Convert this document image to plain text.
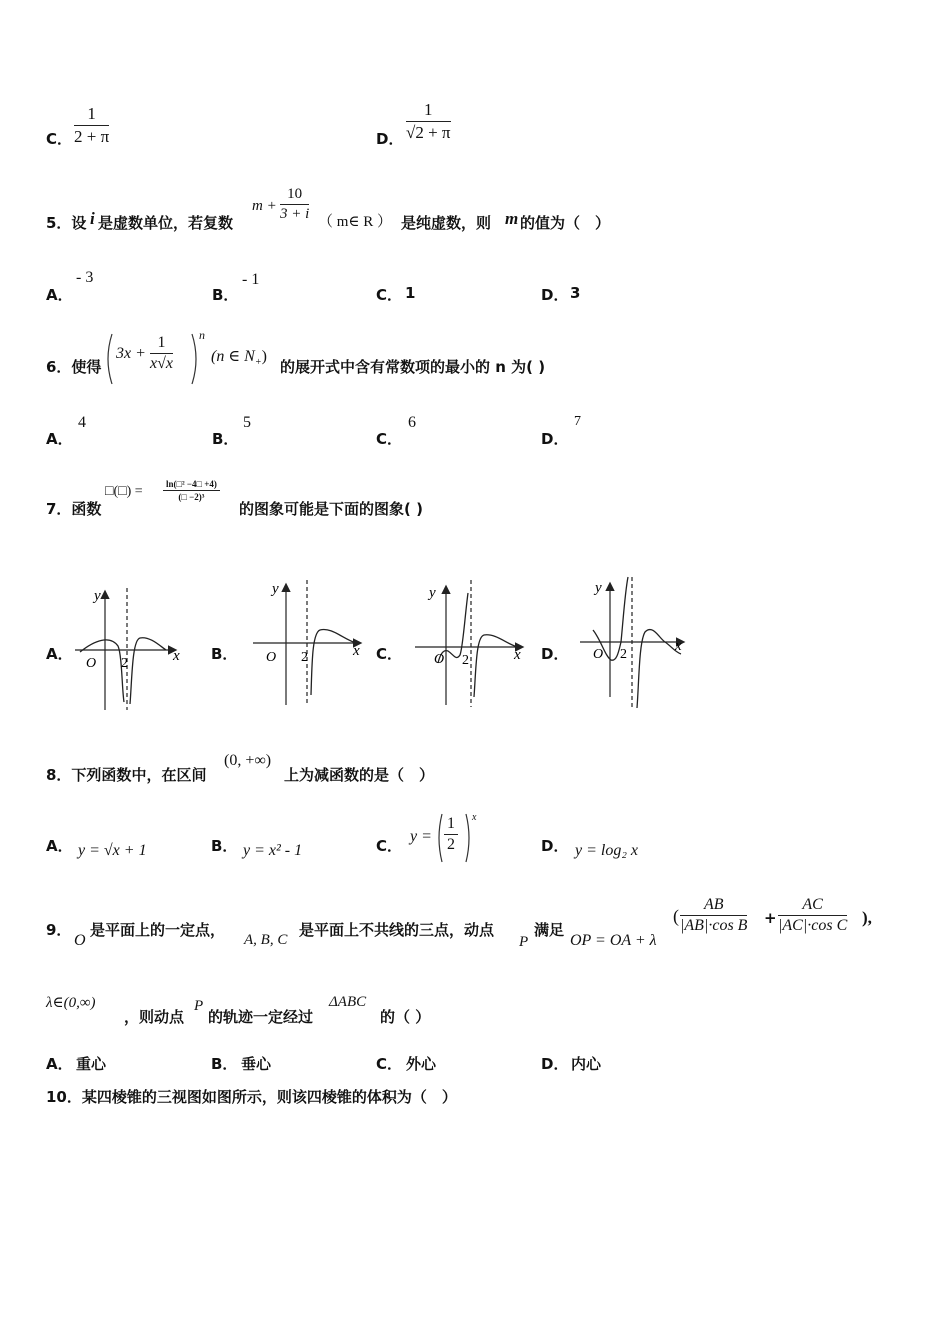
C． $\frac{1}{2 + \pi}$	D． $\frac{1}{√2 + \pi}$
5．设 i 是虚数单位，若复数
$m + \frac{10}{3 + i}$ （ m∈ R ） 是纯虚数，则 m 的值为（　）
A．
- 3
B．
- 1
C． 1	D． 3
6．使得
$3x + \frac{1}{x√x}$ n
(n ∈ $N_+$)
的展开式中含有常数项的最小的 n 为( )
A．
4
B．
5
C．
6
D．
7
7．函数
□(□) = $\frac{\text{ln(□² −4□ +4)}}{\text{(□ −2)³}}$
的图象可能是下面的图象( )
A．
y
x
O 2
B．
y
x
O 2	C．
y
x
O 2	D．
y
x
O 2
8．下列函数中，在区间
(0, +∞)
上为减函数的是（　）
A． y = √x + 1	B． y = x² - 1	C．
$y = \frac{1}{2}$ x
D． y = log₂ x
9．
O
是平面上的一定点，
A, B, C
是平面上不共线的三点，动点
P
满足
OP = OA + λ
( $\frac{AB}{\text{|AB|·cos B}} + \frac{AC}{\text{|AC|·cos C}}$ ),
λ∈(0,∞)
，则动点
P
的轨迹一定经过
ΔABC
的（ ）
A． 重心	B． 垂心	C． 外心	D． 内心
10．某四棱锥的三视图如图所示，则该四棱锥的体积为（　）
